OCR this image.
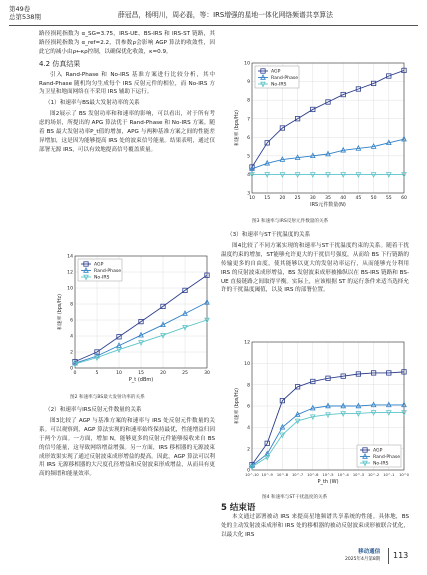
第49卷
总第538期	薛冠昌，杨明川，周必磊，等：IRS增强的星地一体化网络频谱共享算法

路径损耗指数为 α_SG=3.75，IRS-UE、BS-IRS 和 IRS-ST 链路，其路径损耗指数为 α_ref=2.2，罚参数ρ会影响 AGP 算法的收敛性，因此它的减小由ρ←κρ控制，以确保优化收敛，κ=0.9。

4.2 仿真结果

引入 Rand-Phase 和 No-IRS 基准方案进行比较分析，其中 Rand-Phase 随机均匀生成每个 IRS 反射元件的相位，而 No-IRS 方为卫星和地面网络在不采用 IRS 辅助下运行。

（1）和速率与BS最大发射功率的关系

图2展示了 BS 发射功率和和速率的影响，可以看出，对于所有考虑的场景，所提出的 APG 算法优于 Rand-Phase 和 No-IRS 方案。随着 BS 最大发射功率P_t值的增加，APG 与两种基准方案之间的性能差异增加，这是因为能够提高 IRS 处的波束信号能量。结果表明，通过仅部署无源 IRS，可以有效地提高信号覆盖质量。

0
2
4
6
8
10
12
14
0	5	10	15	20	25	30
P_t (dBm)
和速率 (bps/Hz)
AGP
Rand-Phase
No-IRS
图2 和速率与BS最大发射功率的关系
（2）和速率与IRS反射元件数量的关系

图3比较了 AGP 与基准方案的和速率与 IRS 处反射元件数量的关系。可以观察到，AGP 算法实现的和速率始终保持最优，性能增益归因于两个方面。一方面，增加 N，能够更多的反射元件能够接收来自 BS 的信号能量，这导致网络增益增强。另一方面，IRS 移相器的无源波束成形效果实现了通过反射波束成形增益的提高。因此，AGP 算法可以利用 IRS 无源移相器的大尺度孔径增益和反射波束形成增益，从而具有更高的频谱和能量效率。

3
4
5
6
7
8
9
10
10 15 20 25 30 35 40 45 50 55 60
IRS元件数量(N)
和速率 (bps/Hz)
AGP
Rand-Phase
No-IRS
图3 和速率与IRS反射元件数量的关系
（3）和速率与ST干扰温度的关系

图4比较了不同方案实现的和速率与ST干扰温度约束的关系。随着干扰温度约束的增加，ST能够允许更大的干扰信号强度，从而给 BS 下行链路的传输更多的自由度，使其能够以更大的发射功率运行，从而能够充分利用 IRS 的反射波束成形增益，BS 发射波束成形被操纵以在 BS-IRS 链路和 BS-UE 直接链路之间取得平衡。实际上，应该根据 ST 的运行条件来适当选择允许的干扰温度阈值，以及 IRS 的部署位置。

0
2
4
6
8
10
12
10^-10 10^-9 10^-8 10^-7 10^-6 10^-5 10^-4 10^-3 10^-2 10^-1 10^0
P_th (W)
和速率 (bps/Hz)
AGP
Rand-Phase
No-IRS
图4 和速率与ST干扰温度的关系
5 结束语

本文通过部署被动 IRS 来提高星地频谱共享系统的性能。具体地，BS 处的主动发射波束成形和 IRS 处的移相器的被动反射波束成形被联合优化，以最大化 IRS

移动通信
2025年4月第8期 113
